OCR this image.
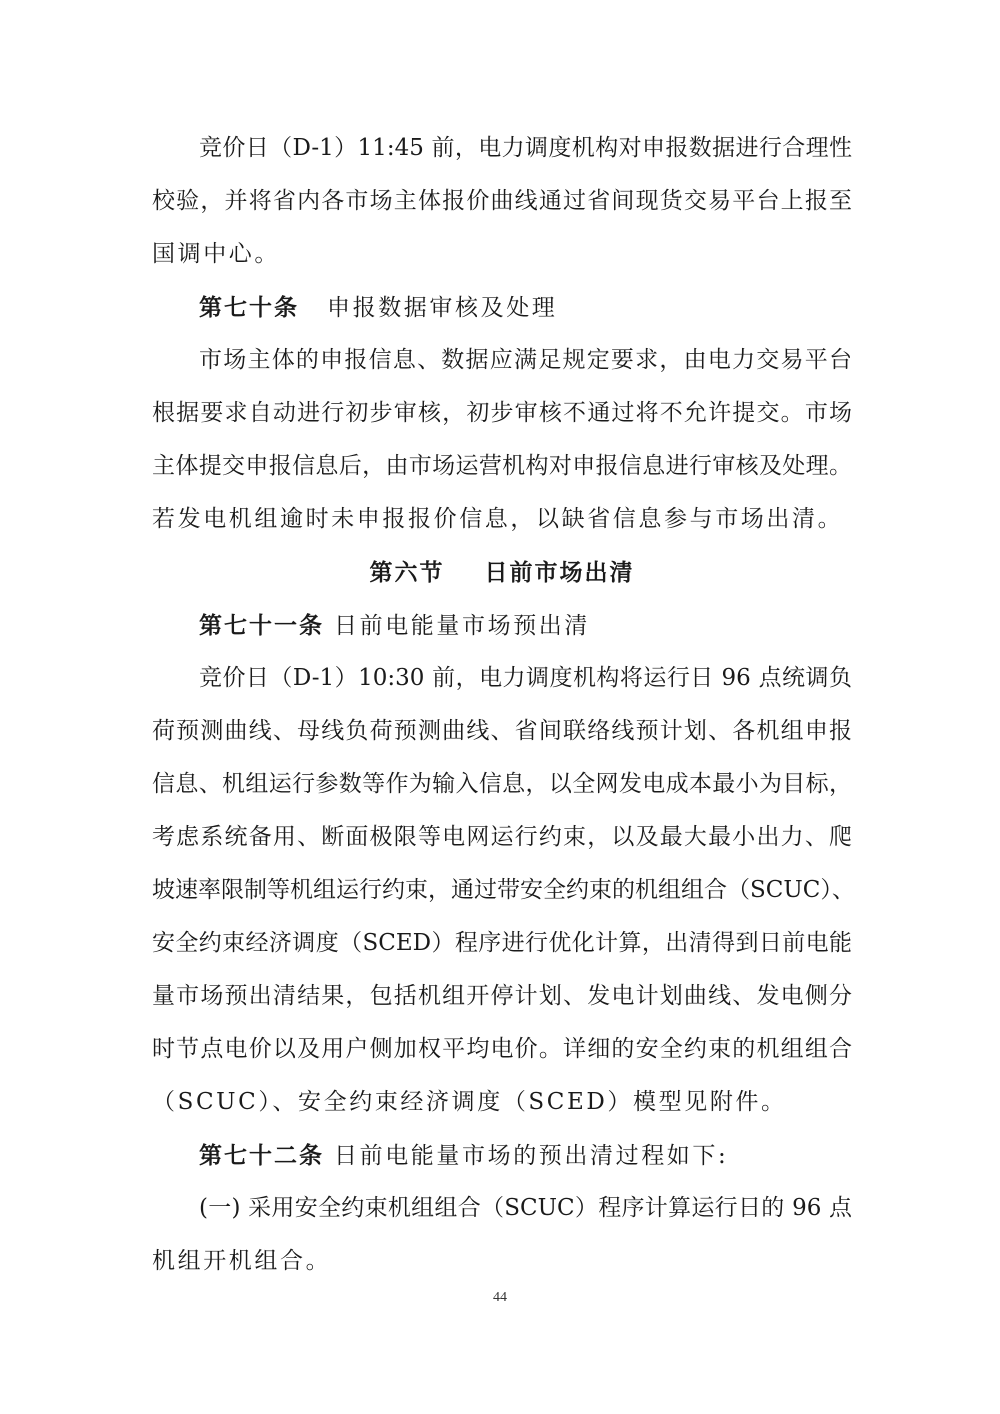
竞价日（D-1）11:45 前，电力调度机构对申报数据进行合理性
校验，并将省内各市场主体报价曲线通过省间现货交易平台上报至
国调中心。
第七十条 申报数据审核及处理
市场主体的申报信息、数据应满足规定要求，由电力交易平台
根据要求自动进行初步审核，初步审核不通过将不允许提交。市场
主体提交申报信息后，由市场运营机构对申报信息进行审核及处理。
若发电机组逾时未申报报价信息，以缺省信息参与市场出清。
第六节 日前市场出清
第七十一条 日前电能量市场预出清
竞价日（D-1）10:30 前，电力调度机构将运行日 96 点统调负
荷预测曲线、母线负荷预测曲线、省间联络线预计划、各机组申报
信息、机组运行参数等作为输入信息，以全网发电成本最小为目标，
考虑系统备用、断面极限等电网运行约束，以及最大最小出力、爬
坡速率限制等机组运行约束，通过带安全约束的机组组合（SCUC）、
安全约束经济调度（SCED）程序进行优化计算，出清得到日前电能
量市场预出清结果，包括机组开停计划、发电计划曲线、发电侧分
时节点电价以及用户侧加权平均电价。详细的安全约束的机组组合
（SCUC）、安全约束经济调度（SCED）模型见附件。
第七十二条 日前电能量市场的预出清过程如下:
(一) 采用安全约束机组组合（SCUC）程序计算运行日的 96 点
机组开机组合。
44
